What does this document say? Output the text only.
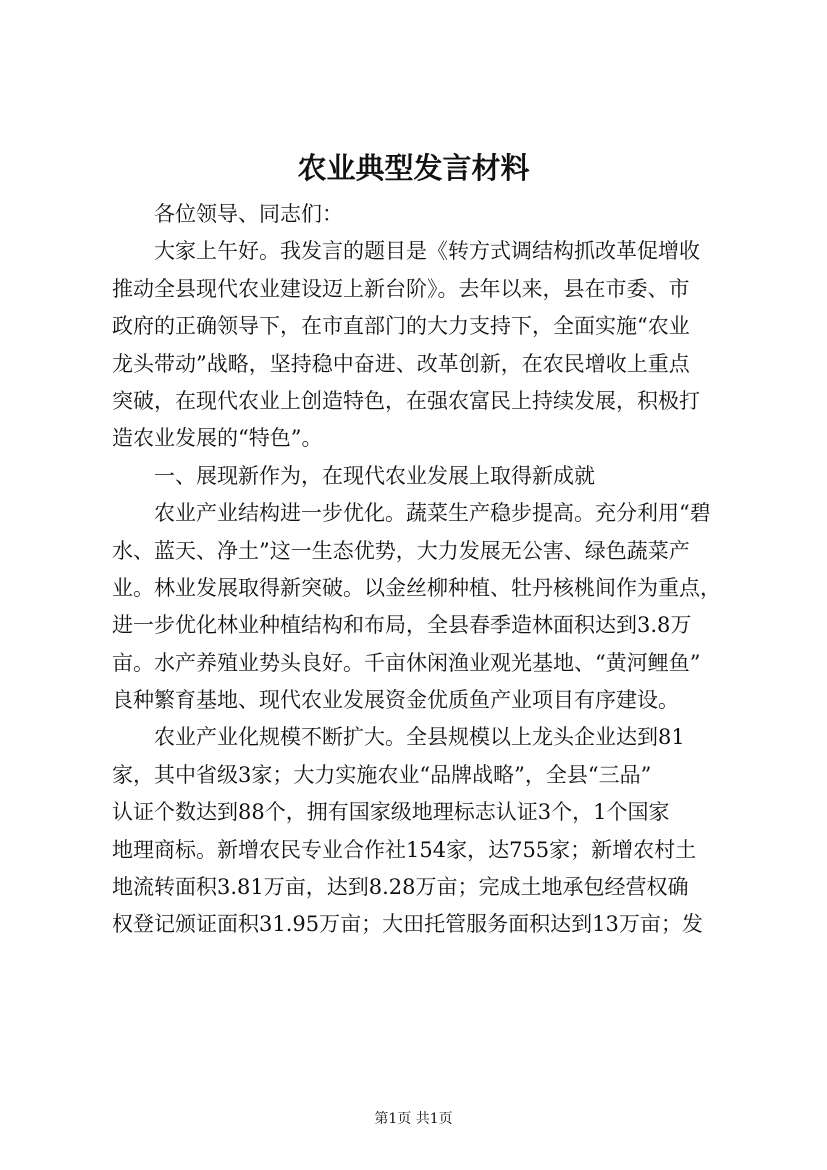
农业典型发言材料
　　各位领导、同志们：
　　大家上午好。我发言的题目是《转方式调结构抓改革促增收
推动全县现代农业建设迈上新台阶》。去年以来，县在市委、市
政府的正确领导下，在市直部门的大力支持下，全面实施“农业
龙头带动”战略，坚持稳中奋进、改革创新，在农民增收上重点
突破，在现代农业上创造特色，在强农富民上持续发展，积极打
造农业发展的“特色”。
　　一、展现新作为，在现代农业发展上取得新成就
　　农业产业结构进一步优化。蔬菜生产稳步提高。充分利用“碧
水、蓝天、净土”这一生态优势，大力发展无公害、绿色蔬菜产
业。林业发展取得新突破。以金丝柳种植、牡丹核桃间作为重点，
进一步优化林业种植结构和布局，全县春季造林面积达到3.8万
亩。水产养殖业势头良好。千亩休闲渔业观光基地、“黄河鲤鱼”
良种繁育基地、现代农业发展资金优质鱼产业项目有序建设。
　　农业产业化规模不断扩大。全县规模以上龙头企业达到81
家，其中省级3家；大力实施农业“品牌战略”，全县“三品”
认证个数达到88个，拥有国家级地理标志认证3个，1个国家
地理商标。新增农民专业合作社154家，达755家；新增农村土
地流转面积3.81万亩，达到8.28万亩；完成土地承包经营权确
权登记颁证面积31.95万亩；大田托管服务面积达到13万亩；发
第1页 共1页
